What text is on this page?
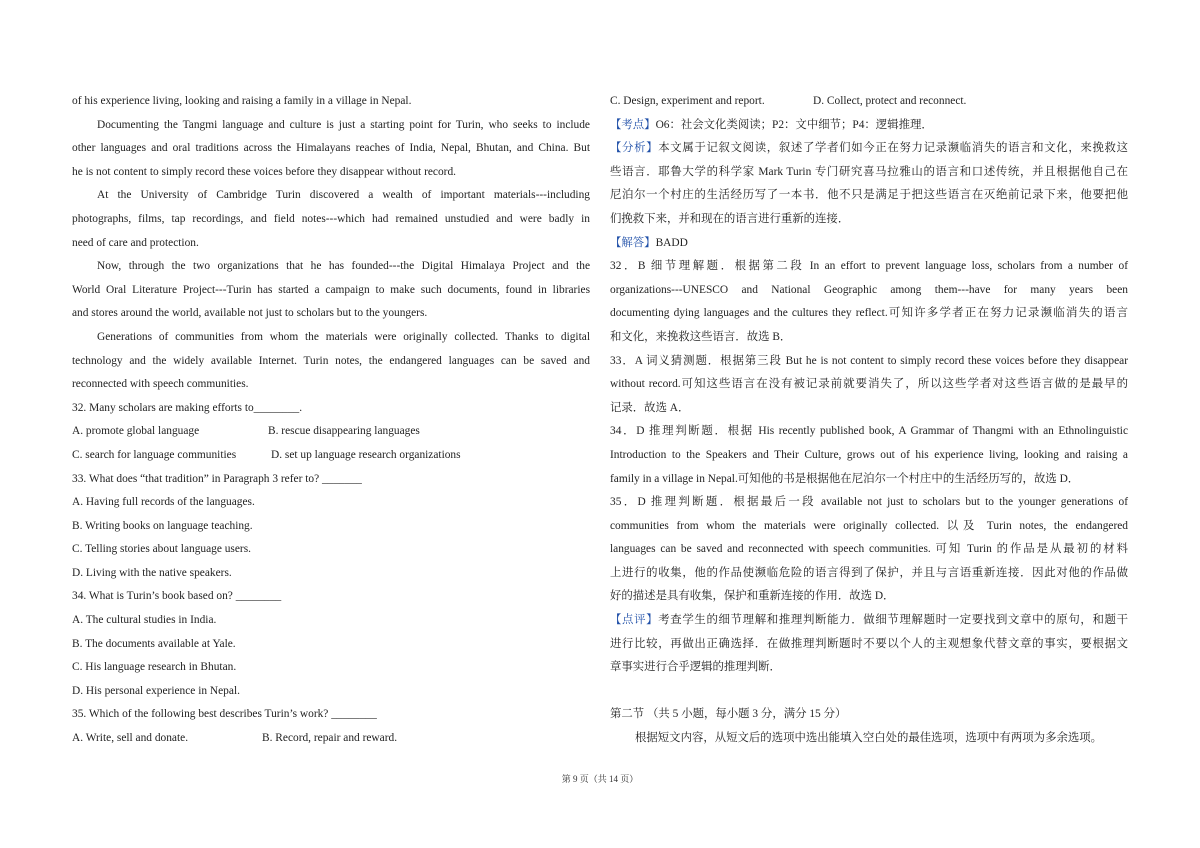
of his experience living, looking and raising a family in a village in Nepal.
Documenting the Tangmi language and culture is just a starting point for Turin, who seeks to include
other languages and oral traditions across the Himalayans reaches of India, Nepal, Bhutan, and China. But
he is not content to simply record these voices before they disappear without record.
At the University of Cambridge Turin discovered a wealth of important materials---including
photographs, films, tap recordings, and field notes---which had remained unstudied and were badly in
need of care and protection.
Now, through the two organizations that he has founded---the Digital Himalaya Project and the
World Oral Literature Project---Turin has started a campaign to make such documents, found in libraries
and stores around the world, available not just to scholars but to the youngers.
Generations of communities from whom the materials were originally collected. Thanks to digital
technology and the widely available Internet. Turin notes, the endangered languages can be saved and
reconnected with speech communities.
32. Many scholars are making efforts to________.
A. promote global language	B. rescue disappearing languages
C. search for language communities	D. set up language research organizations
33. What does “that tradition” in Paragraph 3 refer to? _______
A. Having full records of the languages.
B. Writing books on language teaching.
C. Telling stories about language users.
D. Living with the native speakers.
34. What is Turin’s book based on? ________
A. The cultural studies in India.
B. The documents available at Yale.
C. His language research in Bhutan.
D. His personal experience in Nepal.
35. Which of the following best describes Turin’s work? ________
A. Write, sell and donate.	B. Record, repair and reward.
C. Design, experiment and report.	D. Collect, protect and reconnect.
【考点】O6：社会文化类阅读；P2：文中细节；P4：逻辑推理．
【分析】本文属于记叙文阅读，叙述了学者们如今正在努力记录濒临消失的语言和文化，来挽救这
些语言．耶鲁大学的科学家 Mark Turin 专门研究喜马拉雅山的语言和口述传统，并且根据他自己在
尼泊尔一个村庄的生活经历写了一本书．他不只是满足于把这些语言在灭绝前记录下来，他要把他
们挽救下来，并和现在的语言进行重新的连接．
【解答】BADD
32．B 细节理解题．根据第二段 In an effort to prevent language loss, scholars from a number of
organizations---UNESCO and National Geographic among them---have for many years been
documenting dying languages and the cultures they reflect.可知许多学者正在努力记录濒临消失的语言
和文化，来挽救这些语言．故选 B．
33．A 词义猜测题．根据第三段 But he is not content to simply record these voices before they disappear
without record.可知这些语言在没有被记录前就要消失了，所以这些学者对这些语言做的是最早的
记录．故选 A．
34．D 推理判断题．根据 His recently published book, A Grammar of Thangmi with an Ethnolinguistic
Introduction to the Speakers and Their Culture, grows out of his experience living, looking and raising a
family in a village in Nepal.可知他的书是根据他在尼泊尔一个村庄中的生活经历写的，故选 D．
35．D 推理判断题．根据最后一段 available not just to scholars but to the younger generations of
communities from whom the materials were originally collected. 以及 Turin notes, the endangered
languages can be saved and reconnected with speech communities. 可知 Turin 的作品是从最初的材料
上进行的收集，他的作品使濒临危险的语言得到了保护，并且与言语重新连接．因此对他的作品做
好的描述是具有收集，保护和重新连接的作用．故选 D．
【点评】考查学生的细节理解和推理判断能力．做细节理解题时一定要找到文章中的原句，和题干
进行比较，再做出正确选择．在做推理判断题时不要以个人的主观想象代替文章的事实，要根据文
章事实进行合乎逻辑的推理判断．
第二节 （共 5 小题，每小题 3 分，满分 15 分）
根据短文内容，从短文后的选项中选出能填入空白处的最佳选项，选项中有两项为多余选项。
第 9 页（共 14 页）
